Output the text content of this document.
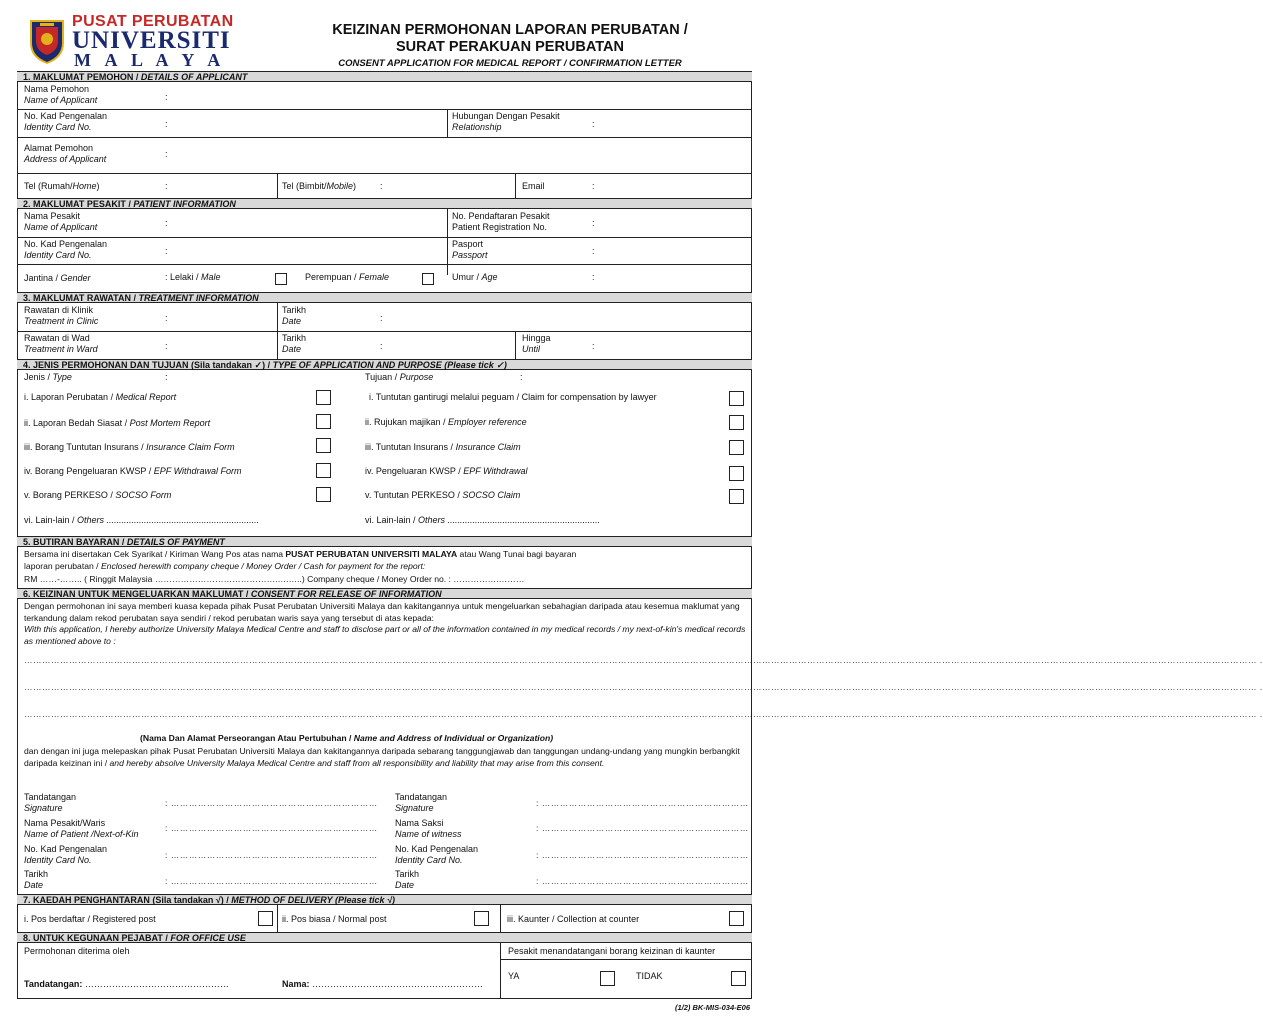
PUSAT PERUBATAN
UNIVERSITI
M A L A Y A
KEIZINAN PERMOHONAN LAPORAN PERUBATAN /
SURAT PERAKUAN PERUBATAN
CONSENT APPLICATION FOR MEDICAL REPORT / CONFIRMATION LETTER
1. MAKLUMAT PEMOHON / DETAILS OF APPLICANT
Nama Pemohon
Name of Applicant	:
No. Kad Pengenalan
Identity Card No.	:
Hubungan Dengan Pesakit
Relationship	:
Alamat Pemohon
Address of Applicant	:
Tel (Rumah/Home)	:	Tel (Bimbit/Mobile)	:	Email	:
2. MAKLUMAT PESAKIT / PATIENT INFORMATION
Nama Pesakit
Name of Applicant	:
No. Pendaftaran Pesakit
Patient Registration No.	:
No. Kad Pengenalan
Identity Card No.	:
Pasport
Passport	:
Jantina / Gender	: Lelaki / Male	Perempuan / Female	Umur / Age	:
3. MAKLUMAT RAWATAN / TREATMENT INFORMATION
Rawatan di Klinik
Treatment in Clinic	:
Tarikh
Date	:
Rawatan di Wad
Treatment in Ward	:
Tarikh
Date	:
Hingga
Until	:
4. JENIS PERMOHONAN DAN TUJUAN (Sila tandakan ✓) / TYPE OF APPLICATION AND PURPOSE (Please tick ✓)
Jenis / Type	:	Tujuan / Purpose	:
i. Laporan Perubatan / Medical Report
ii. Laporan Bedah Siasat / Post Mortem Report
iii. Borang Tuntutan Insurans / Insurance Claim Form
iv. Borang Pengeluaran KWSP / EPF Withdrawal Form
v. Borang PERKESO / SOCSO Form
vi. Lain-lain / Others .............................................................
i. Tuntutan gantirugi melalui peguam / Claim for compensation by lawyer
ii. Rujukan majikan / Employer reference
iii. Tuntutan Insurans / Insurance Claim
iv. Pengeluaran KWSP / EPF Withdrawal
v. Tuntutan PERKESO / SOCSO Claim
vi. Lain-lain / Others .............................................................
5. BUTIRAN BAYARAN / DETAILS OF PAYMENT
Bersama ini disertakan Cek Syarikat / Kiriman Wang Pos atas nama PUSAT PERUBATAN UNIVERSITI MALAYA atau Wang Tunai bagi bayaran
laporan perubatan / Enclosed herewith company cheque / Money Order / Cash for payment for the report:
RM ……-…….. ( Ringgit Malaysia …………………………………….….…..) Company cheque / Money Order no. : …………….………
6. KEIZINAN UNTUK MENGELUARKAN MAKLUMAT / CONSENT FOR RELEASE OF INFORMATION
Dengan permohonan ini saya memberi kuasa kepada pihak Pusat Perubatan Universiti Malaya dan kakitangannya untuk mengeluarkan sebahagian daripada atau kesemua maklumat yang terkandung dalam rekod perubatan saya sendiri / rekod perubatan waris saya yang tersebut di atas kepada:
With this application, I hereby authorize University Malaya Medical Centre and staff to disclose part or all of the information contained in my medical records / my next-of-kin's medical records as mentioned above to :
…………………………………………………………………………………………………………………………………………………………………………………………………………………………………………………………………………………………………………………………………………………………………………… .
…………………………………………………………………………………………………………………………………………………………………………………………………………………………………………………………………………………………………………………………………………………………………………… .
…………………………………………………………………………………………………………………………………………………………………………………………………………………………………………………………………………………………………………………………………………………………………………… .
(Nama Dan Alamat Perseorangan Atau Pertubuhan / Name and Address of Individual or Organization)
dan dengan ini juga melepaskan pihak Pusat Perubatan Universiti Malaya dan kakitangannya daripada sebarang tanggungjawab dan tanggungan undang-undang yang mungkin berbangkit daripada keizinan ini / and hereby absolve University Malaya Medical Centre and staff from all responsibility and liability that may arise from this consent.
Tandatangan
Signature	: ……………………………………………………………
Nama Pesakit/Waris
Name of Patient /Next-of-Kin
: ……………………………………………………………
No. Kad Pengenalan
Identity Card No.	: ……………………………………………………………
Tarikh
Date	: ……………………………………………………………
Tandatangan
Signature	: ……………………………………………………………
Nama Saksi
Name of witness
: ……………………………………………………………
No. Kad Pengenalan
Identity Card No.	: ……………………………………………………………
Tarikh
Date	: ……………………………………………………………
7. KAEDAH PENGHANTARAN (Sila tandakan √) / METHOD OF DELIVERY (Please tick √)
i. Pos berdaftar / Registered post	ii. Pos biasa / Normal post	iii. Kaunter / Collection at counter
8. UNTUK KEGUNAAN PEJABAT / FOR OFFICE USE
Permohonan diterima oleh	Pesakit menandatangani borang keizinan di kaunter
Tandatangan: …………………………………………	Nama: …………………………………………………
YA	TIDAK
(1/2) BK-MIS-034-E06
